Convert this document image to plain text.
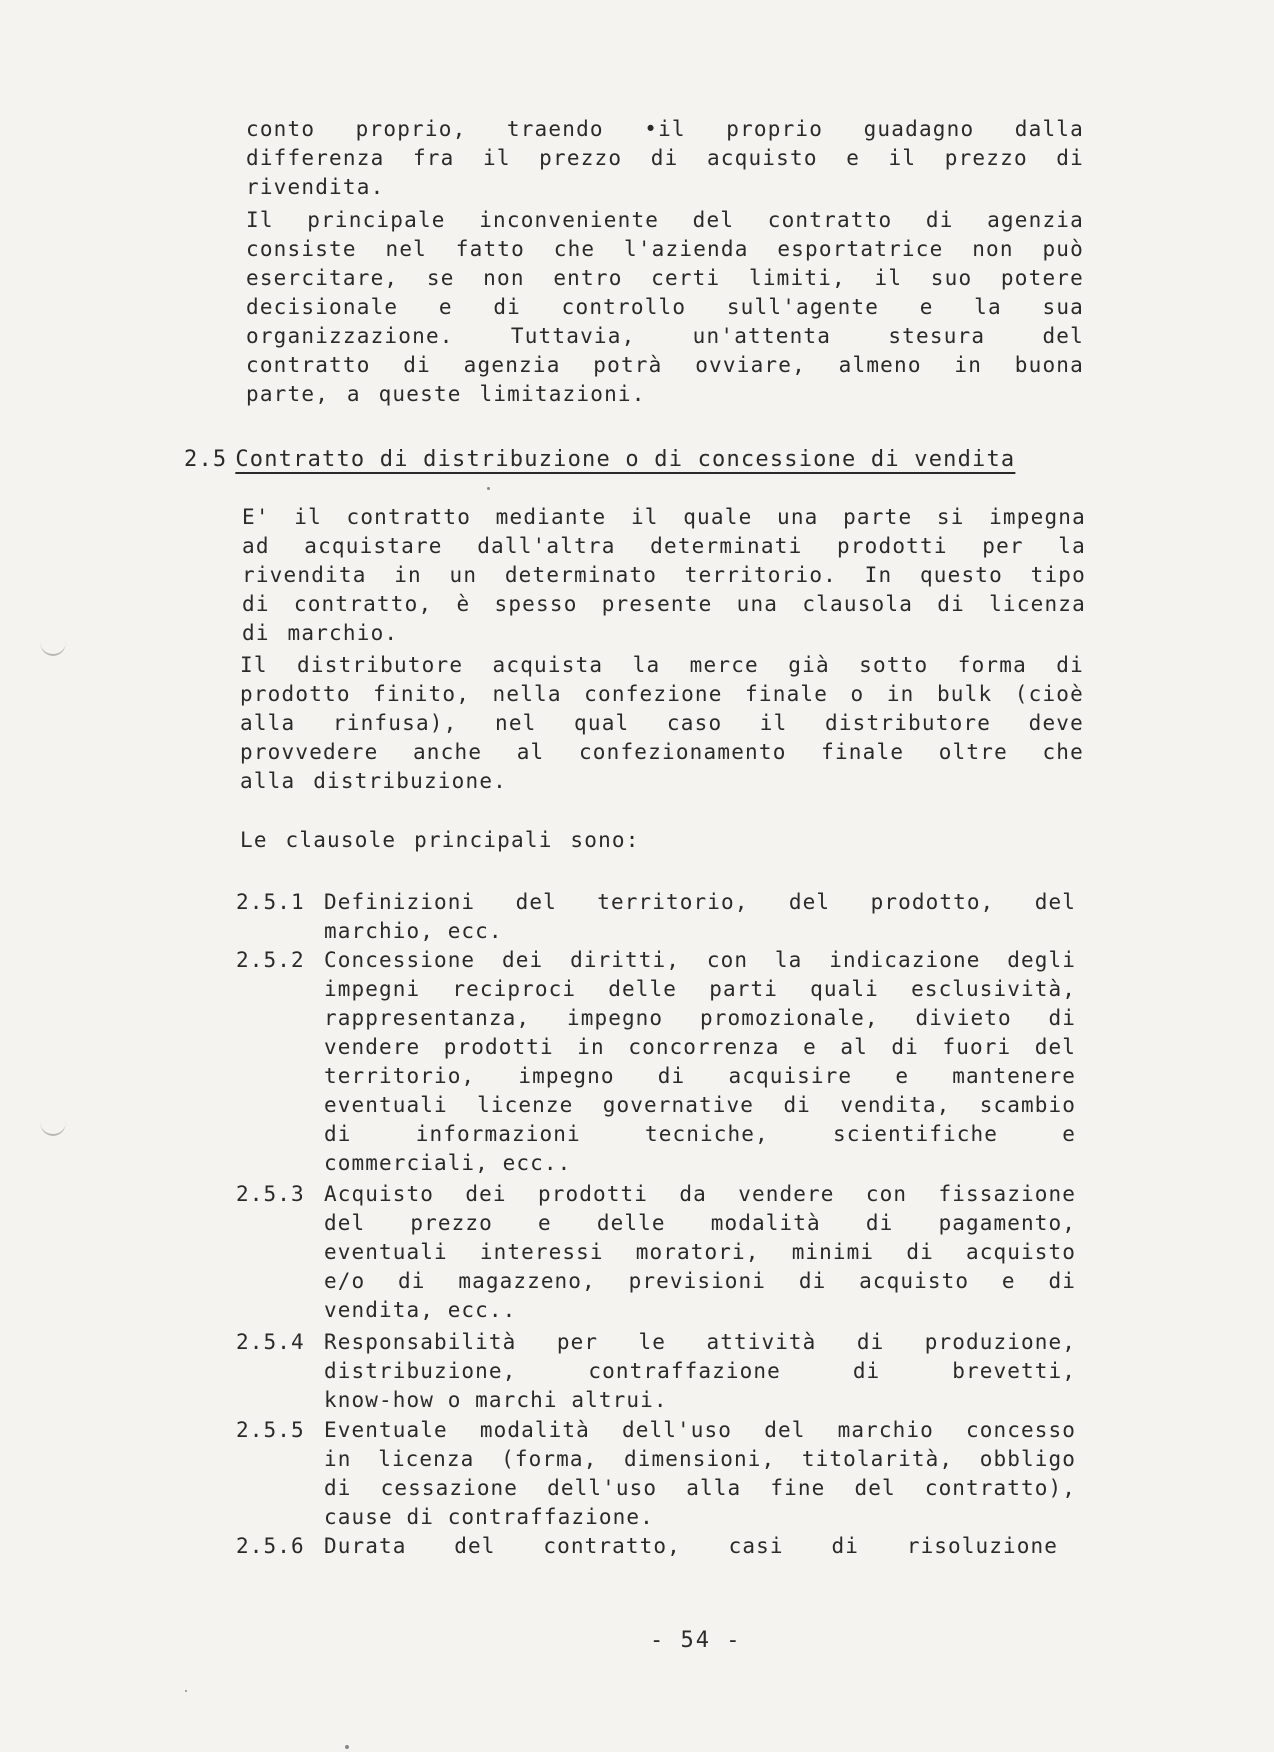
conto proprio, traendo •il proprio guadagno dalla
differenza fra il prezzo di acquisto e il prezzo di
rivendita.
Il principale inconveniente del contratto di agenzia
consiste nel fatto che l'azienda esportatrice non può
esercitare, se non entro certi limiti, il suo potere
decisionale e di controllo sull'agente e la sua
organizzazione. Tuttavia, un'attenta stesura del
contratto di agenzia potrà ovviare, almeno in buona
parte, a queste limitazioni.
2.5 Contratto di distribuzione o di concessione di vendita
E' il contratto mediante il quale una parte si impegna
ad acquistare dall'altra determinati prodotti per la
rivendita in un determinato territorio. In questo tipo
di contratto, è spesso presente una clausola di licenza
di marchio.
Il distributore acquista la merce già sotto forma di
prodotto finito, nella confezione finale o in bulk (cioè
alla rinfusa), nel qual caso il distributore deve
provvedere anche al confezionamento finale oltre che
alla distribuzione.
Le clausole principali sono:
2.5.1 Definizioni del territorio, del prodotto, del
marchio, ecc.
2.5.2 Concessione dei diritti, con la indicazione degli
impegni reciproci delle parti quali esclusività,
rappresentanza, impegno promozionale, divieto di
vendere prodotti in concorrenza e al di fuori del
territorio, impegno di acquisire e mantenere
eventuali licenze governative di vendita, scambio
di informazioni tecniche, scientifiche e
commerciali, ecc..
2.5.3 Acquisto dei prodotti da vendere con fissazione
del prezzo e delle modalità di pagamento,
eventuali interessi moratori, minimi di acquisto
e/o di magazzeno, previsioni di acquisto e di
vendita, ecc..
2.5.4 Responsabilità per le attività di produzione,
distribuzione, contraffazione di brevetti,
know-how o marchi altrui.
2.5.5 Eventuale modalità dell'uso del marchio concesso
in licenza (forma, dimensioni, titolarità, obbligo
di cessazione dell'uso alla fine del contratto),
cause di contraffazione.
2.5.6 Durata del contratto, casi di risoluzione
- 54 -
